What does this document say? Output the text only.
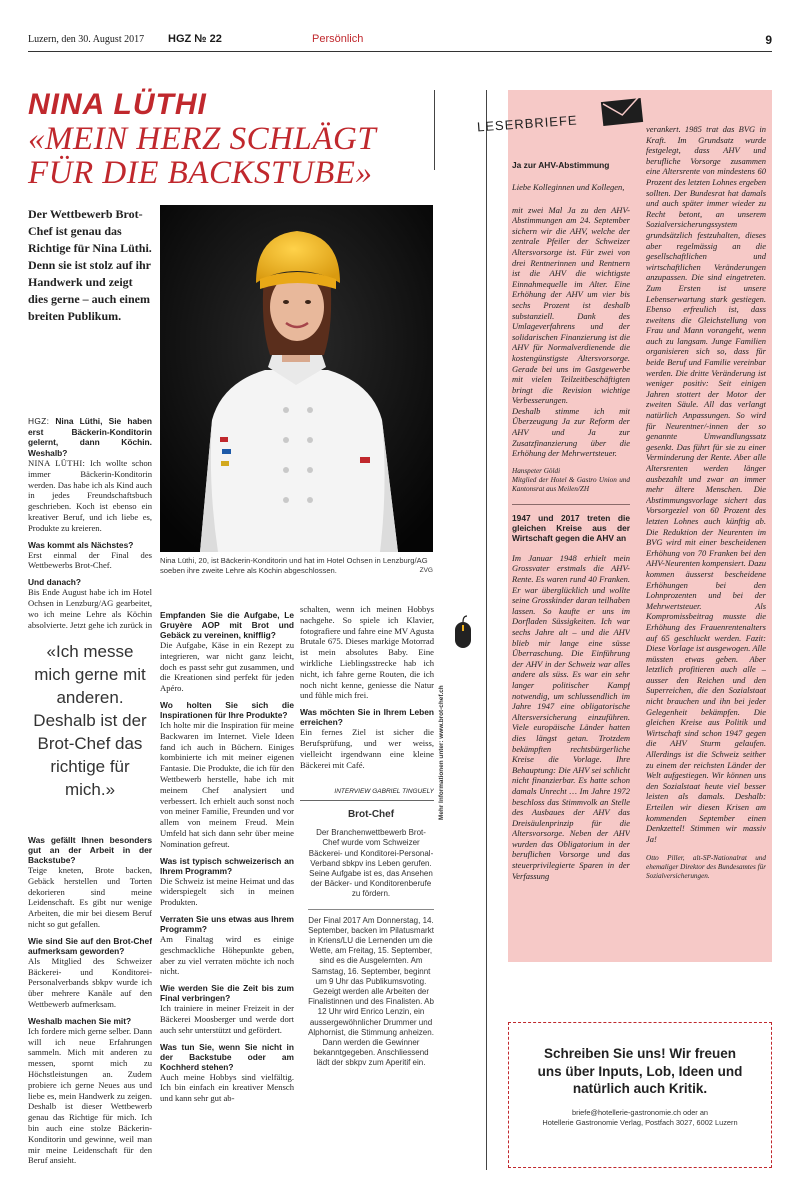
Luzern, den 30. August 2017 HGZ № 22	Persönlich	9
NINA LÜTHI
«MEIN HERZ SCHLÄGT FÜR DIE BACKSTUBE»
Der Wettbewerb Brot-Chef ist genau das Richtige für Nina Lüthi. Denn sie ist stolz auf ihr Handwerk und zeigt dies gerne – auch einem breiten Publikum.

HGZ: Nina Lüthi, Sie haben erst Bäckerin-Konditorin gelernt, dann Köchin. Weshalb?

NINA LÜTHI: Ich wollte schon immer Bäckerin-Konditorin werden. Das habe ich als Kind auch in jedes Freundschaftsbuch geschrieben. Koch ist ebenso ein kreativer Beruf, und ich liebe es, Produkte zu kreieren.

Was kommt als Nächstes?

Erst einmal der Final des Wettbewerbs Brot-Chef.

Und danach?

Bis Ende August habe ich im Hotel Ochsen in Lenzburg/AG gearbeitet, wo ich meine Lehre als Köchin absolvierte. Jetzt gehe ich zurück in

«Ich messe mich gerne mit anderen. Deshalb ist der Brot-Chef das richtige für mich.»

Was gefällt Ihnen besonders gut an der Arbeit in der Backstube?

Teige kneten, Brote backen, Gebäck herstellen und Torten dekorieren sind meine Leidenschaft. Es gibt nur wenige Arbeiten, die mir bei diesem Beruf nicht so gut gefallen.

Wie sind Sie auf den Brot-Chef aufmerksam geworden?

Als Mitglied des Schweizer Bäckerei- und Konditorei-Personalverbands sbkpv wurde ich über mehrere Kanäle auf den Wettbewerb aufmerksam.

Weshalb machen Sie mit?

Ich fordere mich gerne selber. Dann will ich neue Erfahrungen sammeln. Mich mit anderen zu messen, spornt mich zu Höchstleistungen an. Zudem probiere ich gerne Neues aus und liebe es, mein Handwerk zu zeigen. Deshalb ist dieser Wettbewerb genau das Richtige für mich. Ich bin auch eine stolze Bäckerin-Konditorin und gewinne, weil man mir meine Leidenschaft für den Beruf ansieht.

Nina Lüthi, 20, ist Bäckerin-Konditorin und hat im Hotel Ochsen in Lenzburg/AG soeben ihre zweite Lehre als Köchin abgeschlossen.	ZVG

Empfanden Sie die Aufgabe, Le Gruyère AOP mit Brot und Gebäck zu vereinen, knifflig?

Die Aufgabe, Käse in ein Rezept zu integrieren, war nicht ganz leicht, doch es passt sehr gut zusammen, und die Kreationen sind perfekt für jeden Apéro.

Wo holten Sie sich die Inspirationen für Ihre Produkte?

Ich holte mir die Inspiration für meine Backwaren im Internet. Viele Ideen fand ich auch in Büchern. Einiges kombinierte ich mit meiner eigenen Fantasie. Die Produkte, die ich für den Wettbewerb herstelle, habe ich mit meinem Chef analysiert und verbessert. Ich erhielt auch sonst noch von meiner Familie, Freunden und vor allem von meinem Freud. Mein Umfeld hat sich dann sehr über meine Nomination gefreut.

Was ist typisch schweizerisch an Ihrem Programm?

Die Schweiz ist meine Heimat und das widerspiegelt sich in meinen Produkten.

Verraten Sie uns etwas aus Ihrem Programm?

Am Finaltag wird es einige geschmackliche Höhepunkte geben, aber zu viel verraten möchte ich noch nicht.

Wie werden Sie die Zeit bis zum Final verbringen?

Ich trainiere in meiner Freizeit in der Bäckerei Moosberger und werde dort auch sehr unterstützt und gefördert.

Was tun Sie, wenn Sie nicht in der Backstube oder am Kochherd stehen?

Auch meine Hobbys sind vielfältig. Ich bin einfach ein kreativer Mensch und kann sehr gut ab-

schalten, wenn ich meinen Hobbys nachgehe. So spiele ich Klavier, fotografiere und fahre eine MV Agusta Brutale 675. Dieses markige Motorrad ist mein absolutes Baby. Eine wirkliche Lieblingsstrecke hab ich nicht, ich fahre gerne Routen, die ich noch nicht kenne, geniesse die Natur und fühle mich frei.

Was möchten Sie in Ihrem Leben erreichen?

Ein fernes Ziel ist sicher die Berufsprüfung, und wer weiss, vielleicht irgendwann eine kleine Bäckerei mit Café.

INTERVIEW GABRIEL TINGUELY
Brot-Chef

Der Branchenwettbewerb Brot-Chef wurde vom Schweizer Bäckerei- und Konditorei-Personal-Verband sbkpv ins Leben gerufen. Seine Aufgabe ist es, das Ansehen der Bäcker- und Konditorenberufe zu fördern.

Der Final 2017 Am Donnerstag, 14. September, backen im Pilatusmarkt in Kriens/LU die Lernenden um die Wette, am Freitag, 15. September, sind es die Ausgelernten. Am Samstag, 16. September, beginnt um 9 Uhr das Publikumsvoting. Gezeigt werden alle Arbeiten der Finalistinnen und des Finalisten. Ab 12 Uhr wird Enrico Lenzin, ein aussergewöhnlicher Drummer und Alphornist, die Stimmung anheizen. Dann werden die Gewinner bekanntgegeben. Anschliessend lädt der sbkpv zum Aperitif ein.

Mehr Informationen unter: www.brot-chef.ch
LESERBRIEFE

Ja zur AHV-Abstimmung

Liebe Kolleginnen und Kollegen,

mit zwei Mal Ja zu den AHV-Abstimmungen am 24. September sichern wir die AHV, welche der zentrale Pfeiler der Schweizer Altersvorsorge ist. Für zwei von drei Rentnerinnen und Rentnern ist die AHV die wichtigste Einnahmequelle im Alter. Eine Erhöhung der AHV um vier bis sechs Prozent ist deshalb substanziell. Dank des Umlageverfahrens und der solidarischen Finanzierung ist die AHV für Normalverdienende die kostengünstigste Altersvorsorge. Gerade bei uns im Gastgewerbe mit vielen Teilzeitbeschäftigten bringt die Revision wichtige Verbesserungen.

Deshalb stimme ich mit Überzeugung Ja zur Reform der AHV und Ja zur Zusatzfinanzierung über die Erhöhung der Mehrwertsteuer.

Hanspeter Göldi
Mitglied der Hotel & Gastro Union und Kantonsrat aus Meilen/ZH

1947 und 2017 treten die gleichen Kreise aus der Wirtschaft gegen die AHV an

Im Januar 1948 erhielt mein Grossvater erstmals die AHV-Rente. Es waren rund 40 Franken. Er war überglücklich und wollte seine Grosskinder daran teilhaben lassen. So kaufte er uns im Dorfladen Süssigkeiten. Ich war sechs Jahre alt – und die AHV blieb mir lange eine süsse Überraschung. Die Einführung der AHV in der Schweiz war alles andere als süss. Es war ein sehr langer politischer Kampf notwendig, um schlussendlich im Jahre 1947 eine obligatorische Altersversicherung einzuführen. Viele europäische Länder hatten dies längst getan. Trotzdem bekämpften rechtsbürgerliche Kreise die Vorlage. Ihre Behauptung: Die AHV sei schlicht nicht finanzierbar. Es hatte schon damals Unrecht … Im Jahre 1972 beschloss das Stimmvolk an Stelle des Ausbaues der AHV das Dreisäulenprinzip für die Altersvorsorge. Neben der AHV wurden das Obligatorium in der beruflichen Vorsorge und das steuerprivilegierte Sparen in der Verfassung

verankert. 1985 trat das BVG in Kraft. Im Grundsatz wurde festgelegt, dass AHV und berufliche Vorsorge zusammen eine Altersrente von mindestens 60 Prozent des letzten Lohnes ergeben sollten. Der Bundesrat hat damals und auch später immer wieder zu Recht betont, an unserem Sozialversicherungssystem grundsätzlich festzuhalten, dieses aber regelmässig an die gesellschaftlichen und wirtschaftlichen Veränderungen anzupassen. Die sind eingetreten. Zum Ersten ist unsere Lebenserwartung stark gestiegen. Ebenso erfreulich ist, dass zweitens die Gleichstellung von Frau und Mann vorangeht, wenn auch zu langsam. Junge Familien organisieren sich so, dass für beide Beruf und Familie vereinbar werden. Die dritte Veränderung ist weniger positiv: Seit einigen Jahren stottert der Motor der zweiten Säule. All das verlangt natürlich Anpassungen. So wird für Neurentner/-innen der so genannte Umwandlungssatz gesenkt. Das führt für sie zu einer Verminderung der Rente. Aber alle Altersrenten werden länger ausbezahlt und zwar an immer mehr ältere Menschen. Die Abstimmungsvorlage sichert das Vorsorgeziel von 60 Prozent des letzten Lohnes auch künftig ab. Die Reduktion der Neurenten im BVG wird mit einer bescheidenen Erhöhung von 70 Franken bei den AHV-Neurenten kompensiert. Dazu kommen äusserst bescheidene Erhöhungen bei den Lohnprozenten und bei der Mehrwertsteuer. Als Kompromissbeitrag musste die Erhöhung des Frauenrentenalters auf 65 geschluckt werden. Fazit: Diese Vorlage ist ausgewogen. Alle müssten etwas geben. Aber letztlich profitieren auch alle – ausser den Reichen und den Superreichen, die den Sozialstaat nicht brauchen und ihn bei jeder Gelegenheit bekämpfen. Die gleichen Kreise aus Politik und Wirtschaft sind schon 1947 gegen die AHV Sturm gelaufen. Allerdings ist die Schweiz seither zu einem der reichsten Länder der Welt aufgestiegen. Wir können uns den Sozialstaat heute viel besser leisten als damals. Deshalb: Erteilen wir diesen Krisen am kommenden September einen Denkzettel! Stimmen wir massiv Ja!

Otto Piller, alt-SP-Nationalrat und ehemaliger Direktor des Bundesamtes für Sozialversicherungen.

Schreiben Sie uns! Wir freuen uns über Inputs, Lob, Ideen und natürlich auch Kritik.
briefe@hotellerie-gastronomie.ch oder an
Hotellerie Gastronomie Verlag, Postfach 3027, 6002 Luzern
